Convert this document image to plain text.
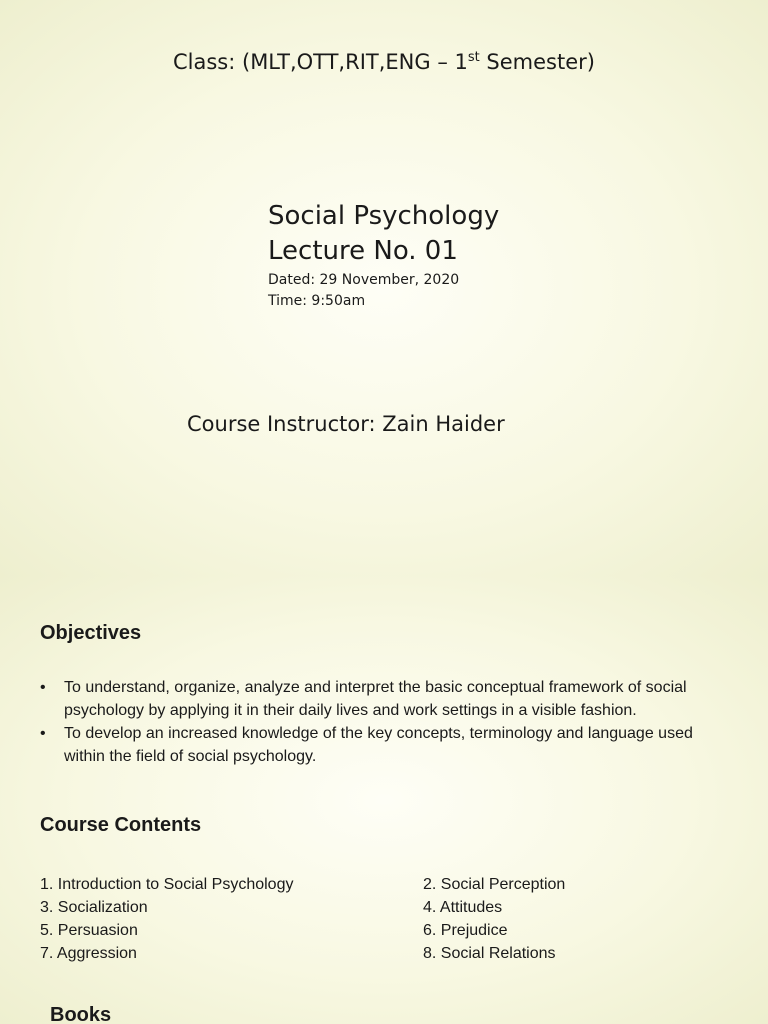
Class: (MLT,OTT,RIT,ENG – 1st Semester)
Social Psychology
Lecture No. 01
Dated: 29 November, 2020
Time: 9:50am
Course Instructor: Zain Haider
Objectives
• To understand, organize, analyze and interpret the basic conceptual framework of social psychology by applying it in their daily lives and work settings in a visible fashion.
• To develop an increased knowledge of the key concepts, terminology and language used within the field of social psychology.
Course Contents
1. Introduction to Social Psychology	2. Social Perception
3. Socialization	4. Attitudes
5. Persuasion	6. Prejudice
7. Aggression	8. Social Relations
Books
